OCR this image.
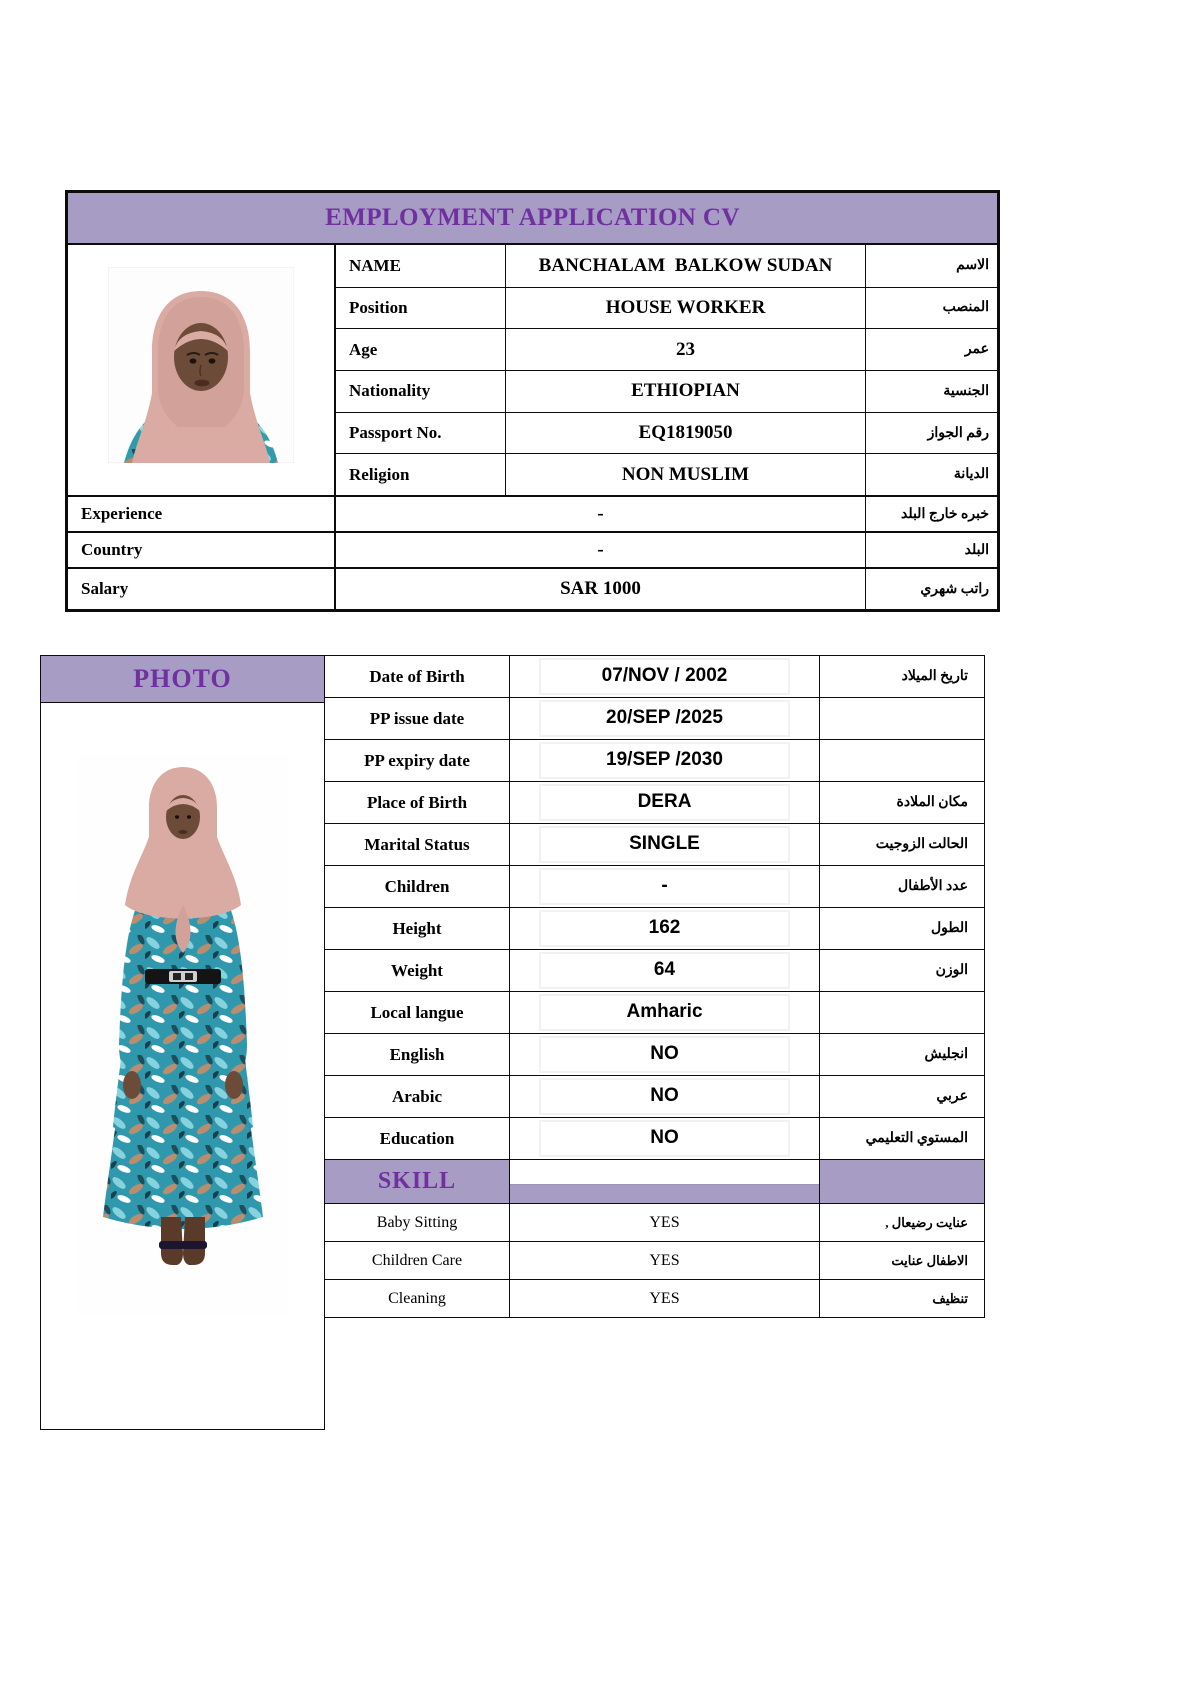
EMPLOYMENT APPLICATION CV
NAME	BANCHALAM  BALKOW SUDAN	الاسم
Position	HOUSE WORKER	المنصب
Age	23	عمر
Nationality	ETHIOPIAN	الجنسية
Passport No.	EQ1819050	رقم الجواز
Religion	NON MUSLIM	الديانة
Experience	-	خبره خارج البلد
Country	-	البلد
Salary	SAR 1000	راتب شهري
PHOTO	Date of Birth	07/NOV / 2002	تاريخ الميلاد
PP issue date	20/SEP /2025
PP expiry date	19/SEP /2030
Place of Birth	DERA	مكان الملادة
Marital Status	SINGLE	الحالت الزوجيت
Children	-	عدد الأطفال
Height	162	الطول
Weight	64	الوزن
Local langue	Amharic
English	NO	انجليش
Arabic	NO	عربي
Education	NO	المستوي التعليمي
SKILL
Baby Sitting	YES	عنايت رضيعال ,
Children Care	YES	الاطفال عنايت
Cleaning	YES	تنظيف
